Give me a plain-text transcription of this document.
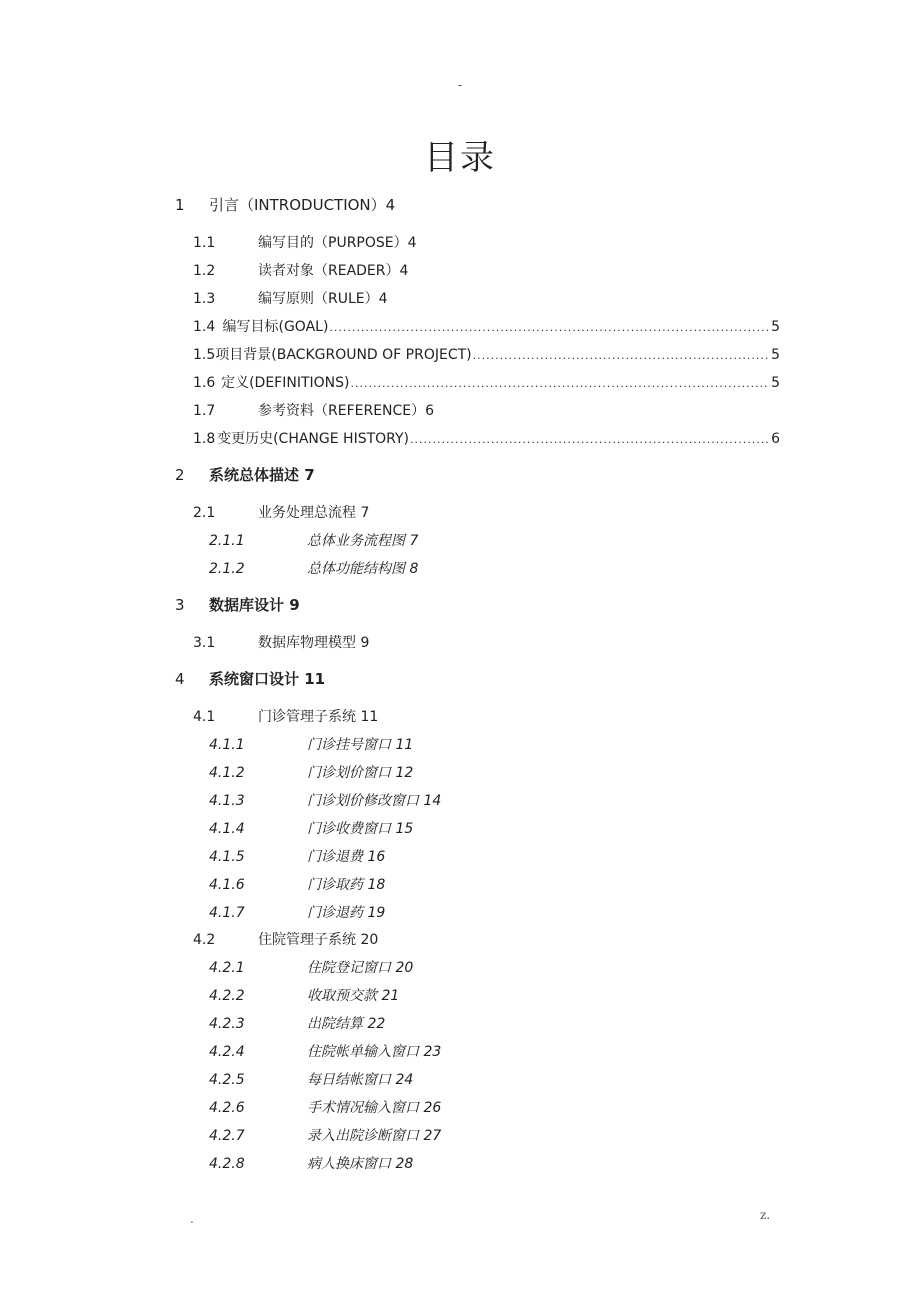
-
目录
1	引言（INTRODUCTION）4
1.1	编写目的（PURPOSE）4
1.2	读者对象（READER）4
1.3	编写原则（RULE）4
1.4 编写目标(GOAL) .....	5
1.5 项目背景(BACKGROUND OF PROJECT) .....	5
1.6 定义(DEFINITIONS) .....	5
1.7	参考资料（REFERENCE）6
1.8 变更历史(CHANGE HISTORY) .....	6
2	系统总体描述 7
2.1	业务处理总流程 7
2.1.1	总体业务流程图 7
2.1.2	总体功能结构图 8
3	数据库设计 9
3.1	数据库物理模型 9
4	系统窗口设计 11
4.1	门诊管理子系统 11
4.1.1	门诊挂号窗口 11
4.1.2	门诊划价窗口 12
4.1.3	门诊划价修改窗口 14
4.1.4	门诊收费窗口 15
4.1.5	门诊退费 16
4.1.6	门诊取药 18
4.1.7	门诊退药 19
4.2	住院管理子系统 20
4.2.1	住院登记窗口 20
4.2.2	收取预交款 21
4.2.3	出院结算 22
4.2.4	住院帐单输入窗口 23
4.2.5	每日结帐窗口 24
4.2.6	手术情况输入窗口 26
4.2.7	录入出院诊断窗口 27
4.2.8	病人换床窗口 28
.	z.
